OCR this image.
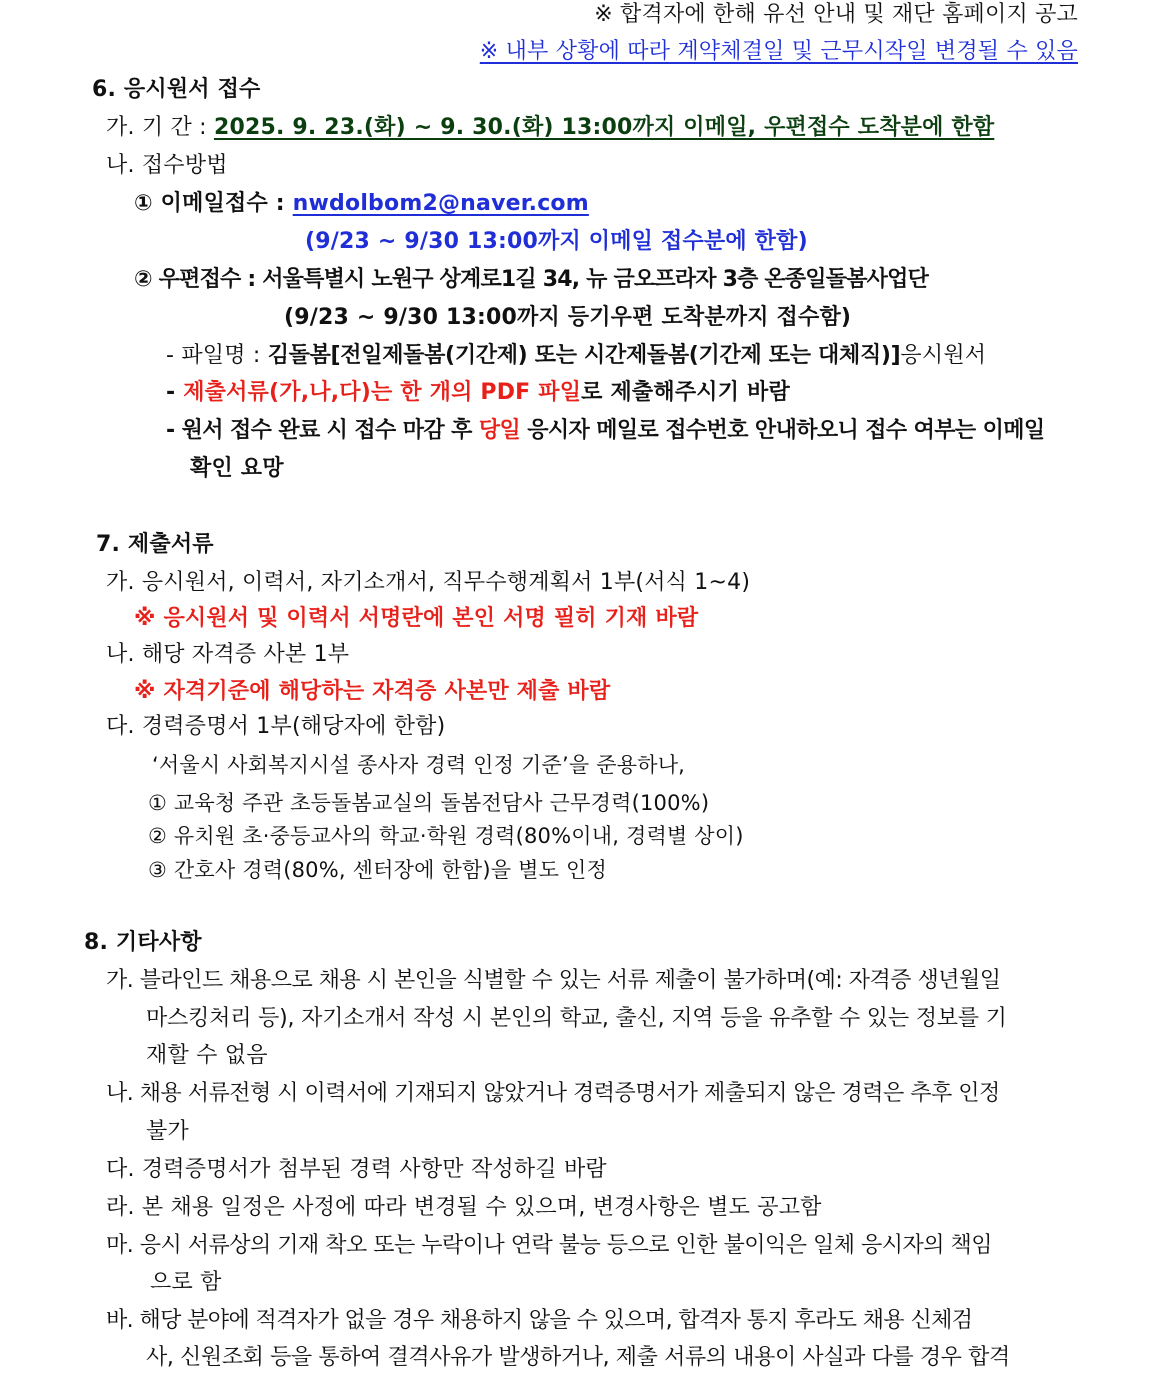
※ 합격자에 한해 유선 안내 및 재단 홈페이지 공고
※ 내부 상황에 따라 계약체결일 및 근무시작일 변경될 수 있음
6. 응시원서 접수
가. 기 간 : 2025. 9. 23.(화) ~ 9. 30.(화) 13:00까지 이메일, 우편접수 도착분에 한함
나. 접수방법
① 이메일접수 : nwdolbom2@naver.com
(9/23 ~ 9/30 13:00까지 이메일 접수분에 한함)
② 우편접수 : 서울특별시 노원구 상계로1길 34, 뉴 금오프라자 3층 온종일돌봄사업단
(9/23 ~ 9/30 13:00까지 등기우편 도착분까지 접수함)
- 파일명 : 김돌봄[전일제돌봄(기간제) 또는 시간제돌봄(기간제 또는 대체직)]응시원서
- 제출서류(가,나,다)는 한 개의 PDF 파일로 제출해주시기 바람
- 원서 접수 완료 시 접수 마감 후 당일 응시자 메일로 접수번호 안내하오니 접수 여부는 이메일
확인 요망
7. 제출서류
가. 응시원서, 이력서, 자기소개서, 직무수행계획서 1부(서식 1~4)
※ 응시원서 및 이력서 서명란에 본인 서명 필히 기재 바람
나. 해당 자격증 사본 1부
※ 자격기준에 해당하는 자격증 사본만 제출 바람
다. 경력증명서 1부(해당자에 한함)
‘서울시 사회복지시설 종사자 경력 인정 기준’을 준용하나,
① 교육청 주관 초등돌봄교실의 돌봄전담사 근무경력(100%)
② 유치원 초·중등교사의 학교·학원 경력(80%이내, 경력별 상이)
③ 간호사 경력(80%, 센터장에 한함)을 별도 인정
8. 기타사항
가. 블라인드 채용으로 채용 시 본인을 식별할 수 있는 서류 제출이 불가하며(예: 자격증 생년월일
마스킹처리 등), 자기소개서 작성 시 본인의 학교, 출신, 지역 등을 유추할 수 있는 정보를 기
재할 수 없음
나. 채용 서류전형 시 이력서에 기재되지 않았거나 경력증명서가 제출되지 않은 경력은 추후 인정
불가
다. 경력증명서가 첨부된 경력 사항만 작성하길 바람
라. 본 채용 일정은 사정에 따라 변경될 수 있으며, 변경사항은 별도 공고함
마. 응시 서류상의 기재 착오 또는 누락이나 연락 불능 등으로 인한 불이익은 일체 응시자의 책임
으로 함
바. 해당 분야에 적격자가 없을 경우 채용하지 않을 수 있으며, 합격자 통지 후라도 채용 신체검
사, 신원조회 등을 통하여 결격사유가 발생하거나, 제출 서류의 내용이 사실과 다를 경우 합격
